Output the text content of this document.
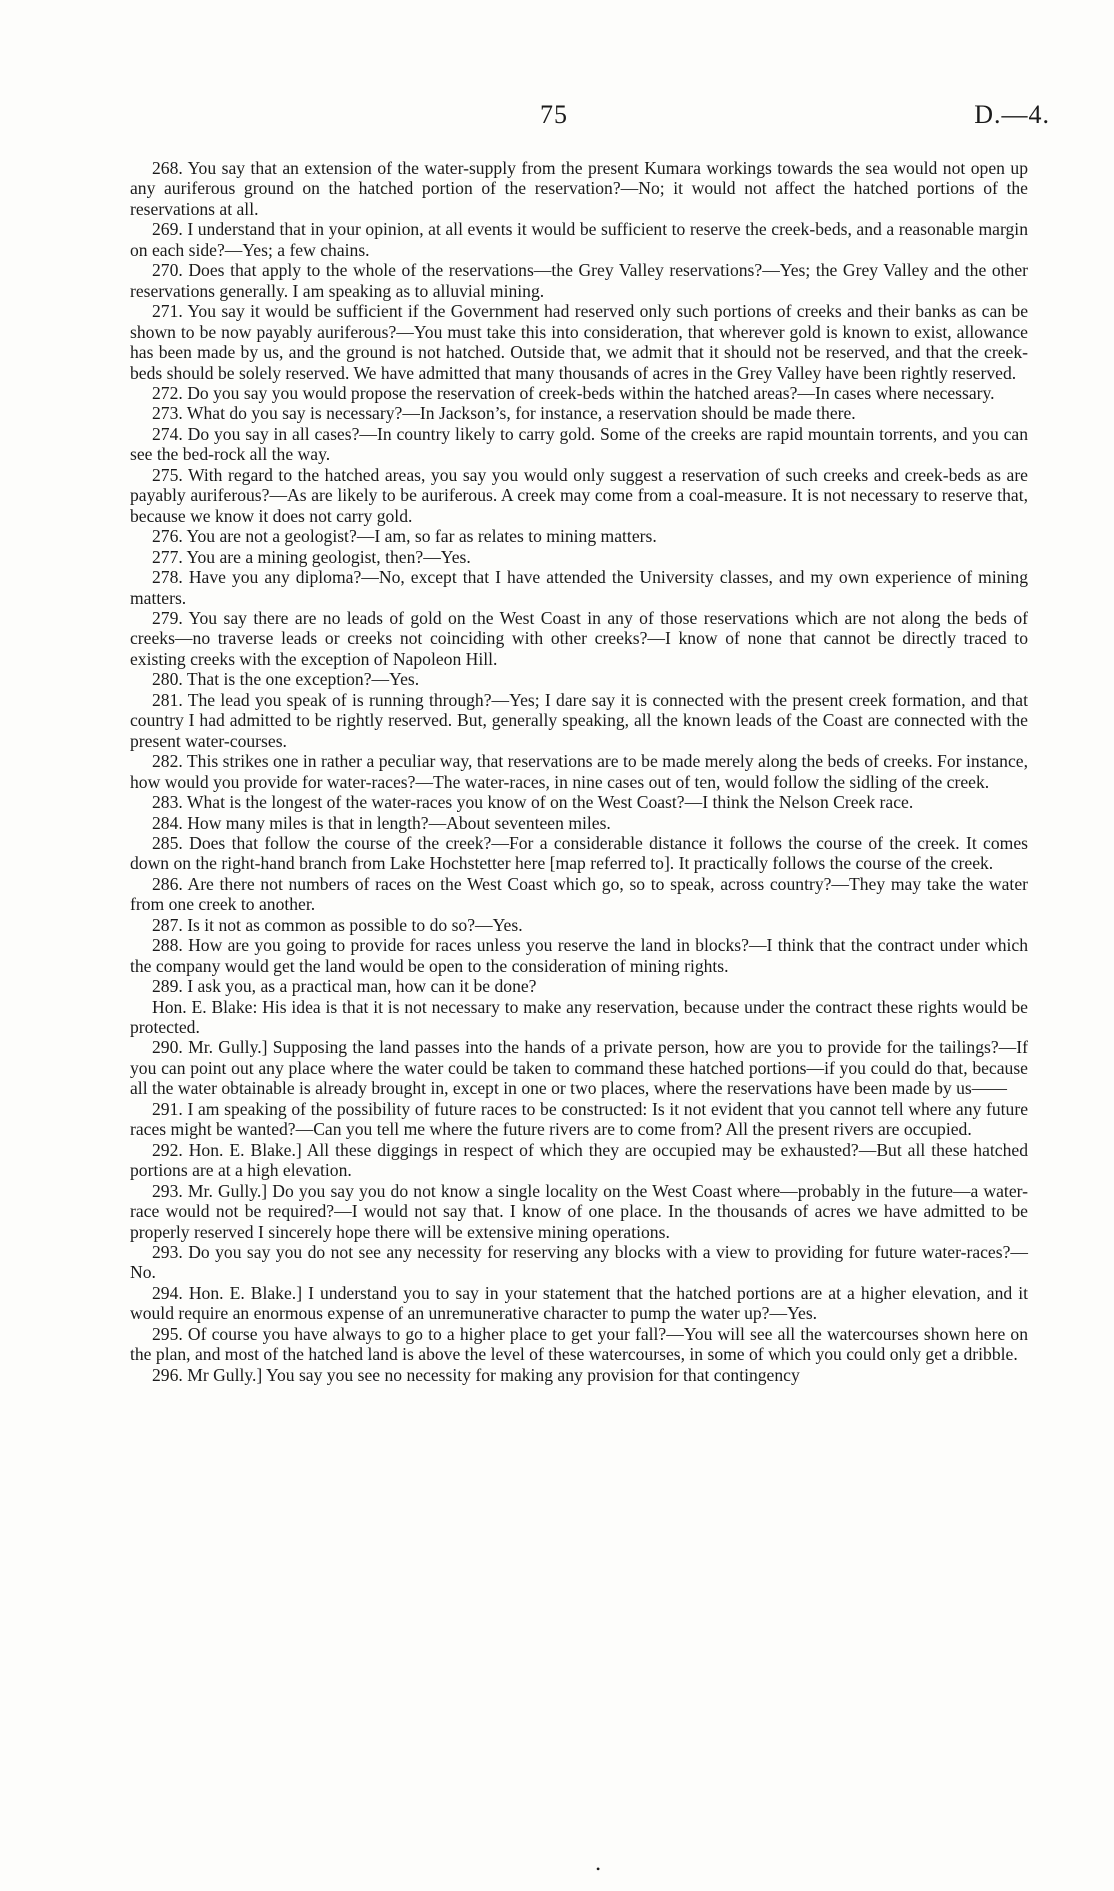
75	D.—4.

268. You say that an extension of the water-supply from the present Kumara workings towards the sea would not open up any auriferous ground on the hatched portion of the reservation?—No; it would not affect the hatched portions of the reservations at all.

269. I understand that in your opinion, at all events it would be sufficient to reserve the creek-beds, and a reasonable margin on each side?—Yes; a few chains.

270. Does that apply to the whole of the reservations—the Grey Valley reservations?—Yes; the Grey Valley and the other reservations generally. I am speaking as to alluvial mining.

271. You say it would be sufficient if the Government had reserved only such portions of creeks and their banks as can be shown to be now payably auriferous?—You must take this into consideration, that wherever gold is known to exist, allowance has been made by us, and the ground is not hatched. Outside that, we admit that it should not be reserved, and that the creek-beds should be solely reserved. We have admitted that many thousands of acres in the Grey Valley have been rightly reserved.

272. Do you say you would propose the reservation of creek-beds within the hatched areas?—In cases where necessary.

273. What do you say is necessary?—In Jackson’s, for instance, a reservation should be made there.

274. Do you say in all cases?—In country likely to carry gold. Some of the creeks are rapid mountain torrents, and you can see the bed-rock all the way.

275. With regard to the hatched areas, you say you would only suggest a reservation of such creeks and creek-beds as are payably auriferous?—As are likely to be auriferous. A creek may come from a coal-measure. It is not necessary to reserve that, because we know it does not carry gold.

276. You are not a geologist?—I am, so far as relates to mining matters.

277. You are a mining geologist, then?—Yes.

278. Have you any diploma?—No, except that I have attended the University classes, and my own experience of mining matters.

279. You say there are no leads of gold on the West Coast in any of those reservations which are not along the beds of creeks—no traverse leads or creeks not coinciding with other creeks?—I know of none that cannot be directly traced to existing creeks with the exception of Napoleon Hill.

280. That is the one exception?—Yes.

281. The lead you speak of is running through?—Yes; I dare say it is connected with the present creek formation, and that country I had admitted to be rightly reserved. But, generally speaking, all the known leads of the Coast are connected with the present water-courses.

282. This strikes one in rather a peculiar way, that reservations are to be made merely along the beds of creeks. For instance, how would you provide for water-races?—The water-races, in nine cases out of ten, would follow the sidling of the creek.

283. What is the longest of the water-races you know of on the West Coast?—I think the Nelson Creek race.

284. How many miles is that in length?—About seventeen miles.

285. Does that follow the course of the creek?—For a considerable distance it follows the course of the creek. It comes down on the right-hand branch from Lake Hochstetter here [map referred to]. It practically follows the course of the creek.

286. Are there not numbers of races on the West Coast which go, so to speak, across country?—They may take the water from one creek to another.

287. Is it not as common as possible to do so?—Yes.

288. How are you going to provide for races unless you reserve the land in blocks?—I think that the contract under which the company would get the land would be open to the consideration of mining rights.

289. I ask you, as a practical man, how can it be done?

Hon. E. Blake: His idea is that it is not necessary to make any reservation, because under the contract these rights would be protected.

290. Mr. Gully.] Supposing the land passes into the hands of a private person, how are you to provide for the tailings?—If you can point out any place where the water could be taken to command these hatched portions—if you could do that, because all the water obtainable is already brought in, except in one or two places, where the reservations have been made by us——

291. I am speaking of the possibility of future races to be constructed: Is it not evident that you cannot tell where any future races might be wanted?—Can you tell me where the future rivers are to come from? All the present rivers are occupied.

292. Hon. E. Blake.] All these diggings in respect of which they are occupied may be exhausted?—But all these hatched portions are at a high elevation.

293. Mr. Gully.] Do you say you do not know a single locality on the West Coast where—probably in the future—a water-race would not be required?—I would not say that. I know of one place. In the thousands of acres we have admitted to be properly reserved I sincerely hope there will be extensive mining operations.

293. Do you say you do not see any necessity for reserving any blocks with a view to providing for future water-races?—No.

294. Hon. E. Blake.] I understand you to say in your statement that the hatched portions are at a higher elevation, and it would require an enormous expense of an unremunerative character to pump the water up?—Yes.

295. Of course you have always to go to a higher place to get your fall?—You will see all the watercourses shown here on the plan, and most of the hatched land is above the level of these watercourses, in some of which you could only get a dribble.

296. Mr Gully.] You say you see no necessity for making any provision for that contingency

•
